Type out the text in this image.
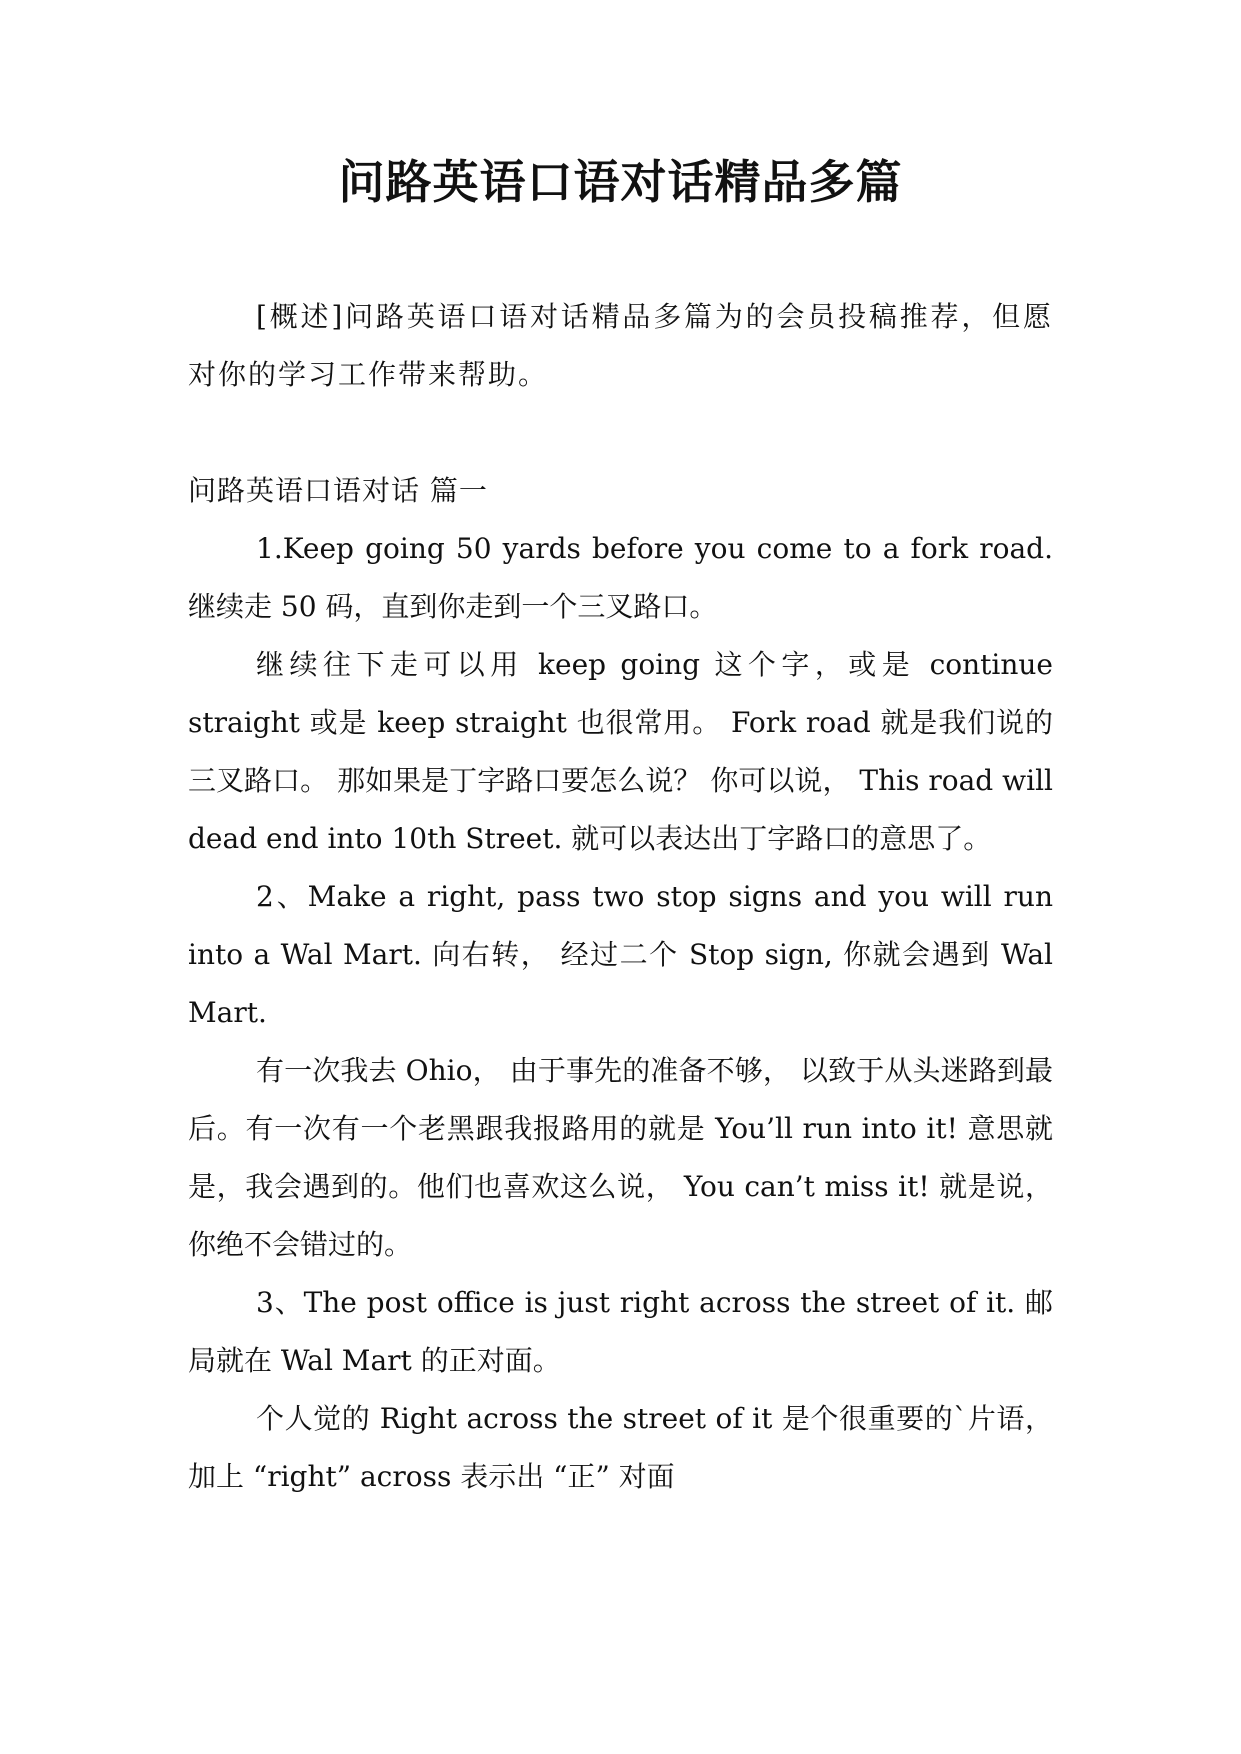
问路英语口语对话精品多篇

[概述]问路英语口语对话精品多篇为的会员投稿推荐，但愿对你的学习工作带来帮助。

问路英语口语对话 篇一

1.Keep going 50 yards before you come to a fork road. 继续走 50 码，直到你走到一个三叉路口。

继续往下走可以用 keep going 这个字，或是 continue straight 或是 keep straight 也很常用。 Fork road 就是我们说的三叉路口。 那如果是丁字路口要怎么说？ 你可以说， This road will dead end into 10th Street. 就可以表达出丁字路口的意思了。

2、Make a right, pass two stop signs and you will run into a Wal Mart. 向右转， 经过二个 Stop sign, 你就会遇到 Wal Mart.

有一次我去 Ohio， 由于事先的准备不够， 以致于从头迷路到最后。有一次有一个老黑跟我报路用的就是 You’ll run into it! 意思就是，我会遇到的。他们也喜欢这么说， You can’t miss it! 就是说，你绝不会错过的。

3、The post office is just right across the street of it. 邮局就在 Wal Mart 的正对面。

个人觉的 Right across the street of it 是个很重要的`片语， 加上 “right” across 表示出 “正” 对面
